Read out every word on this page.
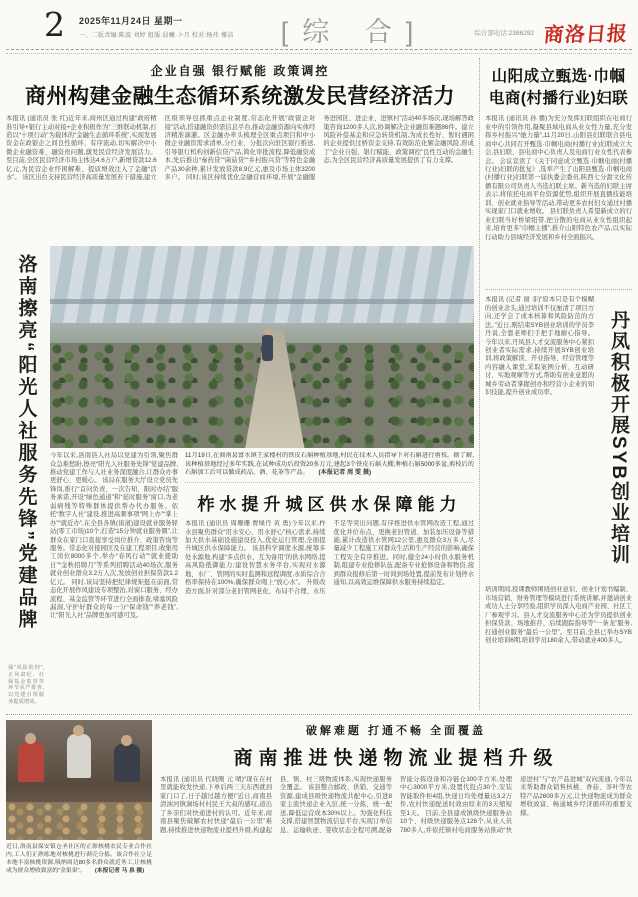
2 2025年11月24日 星期一
一、二版责编:陈波 刘婷 组版:晨曦·卜月 校对:杨玮 雅洁	[综 合]	综合部电话:2386292 商洛日报
企业自强 银行赋能 政策调控
商州构建金融生态循环系统激发民营经济活力
本报讯 (通讯员 张 红)近年来,商州区通过构建“政府精准引导+银行主动对接+企业积极作为”三维联动机制,打造以“十项行动”为载体的“金融生态循环系统”,实现发展资金在政银企之间良性循环、有序流动,切实解决中小微企业融资难、融资贵问题,激发民营经济发展活力。至目前,全区民营经济市场主体达4.6万户,新增贷款12.6亿元,为民营企业纾困解难、提质增效注入了金融“活水”。 该区出台支持民营经济高质量发展若干措施,建立区级领导包抓重点企业制度,常态化开展“政银企对接”活动,搭建融资供需信息平台,推动金融资源向实体经济精准滴灌。区金融办牵头梳理全区重点项目和中小微企业融资需求清单,分行业、分批次向驻区银行推送,引导银行机构创新信贷产品,简化审批流程,降低融资成本,先后推出“秦药贷”“菌菇贷”“乡村振兴贷”等特色金融产品30余种,累计发放贷款8.9亿元,惠及市场主体3200多户。 同时,该区持续优化金融营商环境,开展“金融服务进园区、进企业、进镇村”活动40多场次,现场解答政策咨询1200多人次,协调解决企业融资难题86件。建立风险补偿基金和应急转贷机制,为成长性好、暂时遇困的企业提供过桥资金支持,有效防范化解金融风险,形成了“企业自强、银行赋能、政策调控”良性互动的金融生态,为全区民营经济高质量发展提供了有力支撑。
洛南擦亮“阳光人社服务先锋”党建品牌
保“风险防控”,正风肃纪、社保基金监管等环节从严排查,以党建引领服务提质增效。
今年以来,洛南县人社局以党建为引领,聚焦群众急难愁盼,擦亮“阳光人社服务先锋”党建品牌,推动党建工作与人社业务深度融合,让群众办事更舒心、更暖心。 该局在服务大厅设立党员先锋岗,推行“首问负责、一次告知、限时办结”服务承诺,开设“绿色通道”和“延时服务”窗口,为老弱病残等特殊群体提供帮办代办服务。依托“数字人社”建设,推进高频事项“网上办”“掌上办”“就近办”,在全县各镇(街道)建设就业服务驿站(零工市场)10个,打造“15分钟就业服务圈”,让群众在家门口直接享受岗位推介、政策咨询等服务。常态化对接园区及在建工程项目,收集用工岗位8000多个,举办“春风行动”“就业援助日”“金秋招聘月”等系列招聘活动40场次,服务就业创业群众3.2万人次,发放创业担保贷款1.2亿元。 同时,该局坚持把纪律规矩挺在前面,常态化开展作风建设专项整治,对窗口服务、经办流程、基金监管等环节进行全面排查,堵塞风险漏洞,守护好群众的每一分“保命钱”“养老钱”,让“阳光人社”品牌更加可感可及。
11月19日,在商南县富水镇王家楼村的铁皮石斛种植基地,村民在技术人员指导下对石斛进行剪枝。据了解,该种植基地经过多年实践,在试种成功后投资20多万元,建起3个铁皮石斛大棚,种植石斛5000多盆,剪枝后的石斛加工后可以做成药品、酒、花茶等产品。 (本报记者 周 雯 摄)
柞水提升城区供水保障能力
本报讯 (通讯员 周珊珊 曹绿丹 黄 勇)今年以来,柞水县聚焦群众“用水安心、用水舒心”核心需求,持续加大供水基础设施建设投入,优化运行管理,全面提升城区供水保障能力。 该县科学调度水源,统筹多处水源地,构建“多点供水、互为备用”的供水网络,提高风险抵御能力;建设智慧水务平台,实现对水源地、水厂、管网的实时监测和远程调度,水质综合合格率保持在100%,确保群众喝上“放心水”。 升级改造方面,针对部分老旧管网老化、布局不合理、水压不足等突出问题,有序推进供水管网改造工程,通过优化井位布点、更换老旧管道、加装加压设备等措施,累计改造供水管网12公里,惠及群众3万多人,尽量减少工程施工对群众生活和生产经营的影响,确保工程安全有序推进。同时,健全24小时供水服务机制,组建专业抢修队伍,配备专业抢修设备和物资,接到群众报修后第一时间到场处置,提前发布计划停水通知,以高效运维保障供水服务持续稳定。
山阳成立甄选·巾帼
电商(村播行业)妇联
本报讯 (通讯员 孙 播)为充分发挥妇联组织在电商行业中的引领作用,凝聚县域电商从业女性力量,充分发挥乡村振兴“她力量”,11月20日,山阳县妇联联合县电商中心共同召开甄选·巾帼电商(村播行业)妇联成立大会,县妇联、县电商中心负责人及电商行业女性代表参会。 会议宣读了《关于同意成立甄选·巾帼电商(村播行业)妇联的批复》,选举产生了山阳县甄选·巾帼电商(村播行业)妇联第一届执委会委员,陕西七分甜文化传播有限公司负责人当选妇联主席。新当选的妇联主席表示,将依托电商平台资源优势,组织开展直播技能培训、创业就业指导等活动,带动更多农村妇女通过村播实现家门口就业增收。 县妇联负责人希望新成立的行业妇联当好桥梁纽带,把分散的电商从业女性组织起来,培育更多“巾帼主播”,推介山阳特色农产品,以实际行动助力县域经济发展和乡村全面振兴。
本报讯 (记者 谢 非)“原本只是有个模糊的创业念头,通过培训不仅厘清了项目方向,还学会了成本核算和风险防范的方法。”近日,刚结束SYB创业培训的学员李丹说,全靠老师们手把手地耐心指导。 今年以来,丹凤县人才交流服务中心紧扣创业者实际需求,持续开展SYB创业培训,将政策解读、开业指导、经营管理等内容融入课堂,采取案例分析、互动研讨、实地观摩等方式,帮助有创业意愿的城乡劳动者掌握创办和经营小企业的知识技能,提升创业成功率。	丹凤积极开展SYB创业培训
培训期间,授课教师围绕创业意识、创业计划书编制、市场营销、财务管理等模块进行系统讲解,并邀请创业成功人士分享经验,组织学员深入电商产业园、社区工厂参观学习。县人才交流服务中心还为学员提供创业担保贷款、场地推荐、后续跟踪指导等“一条龙”服务,打通创业服务“最后一公里”。至目前,全县已举办SYB创业培训6期,培训学员180余人,带动就业400多人。
近日,洛南县保安镇仓圣社区的正源核桃农民专业合作社内,工人们正熟练地对核桃进行剥壳分拣。该合作社立足本地丰富核桃资源,吸纳周边80多名群众就近务工,让核桃成为群众增收致富的“金果果”。 (本报记者 马 泉 摄)
破解难题 打通不畅 全面覆盖
商南推进快递物流业提档升级
本报讯 (通讯员 代晓刚 元 晴)“现在在村里就能收发快递,下单后两三天东西就到家门口了,日子越过越方便!”近日,商南县清油河镇涧场村村民王大叔的感叹,道出了乡亲们对快递进村的认可。近年来,商南县聚焦破解农村快递“最后一公里”难题,持续推进快递物流业提档升级,构建起县、镇、村三级物流体系,实现快递服务全覆盖。 该县整合邮政、供销、交通等资源,建成县级快递物流共配中心,引进8家主流快递企业入驻,统一分拣、统一配送,降低运营成本30%以上。为强化科技支撑,搭建智慧物流信息平台,实现订单信息、运输轨迹、签收状态全程可溯,配备智能分拣设备和冷链仓300平方米,处理中心3000平方米,设置代投点30个,安装智能取件柜4组,快递日均处理量达3.2万件,农村快递配送时效由原来的3天缩短至1天。 目前,全县建成镇级快递服务站10个、村级快递服务点126个,从业人员780多人,并依托镇村电商服务站推动“快递进村”与“农产品进城”双向流通,今年以来帮助群众销售核桃、香菇、茶叶等农特产品2600多万元,让快递物流成为群众增收致富、畅通城乡经济循环的重要支撑。
